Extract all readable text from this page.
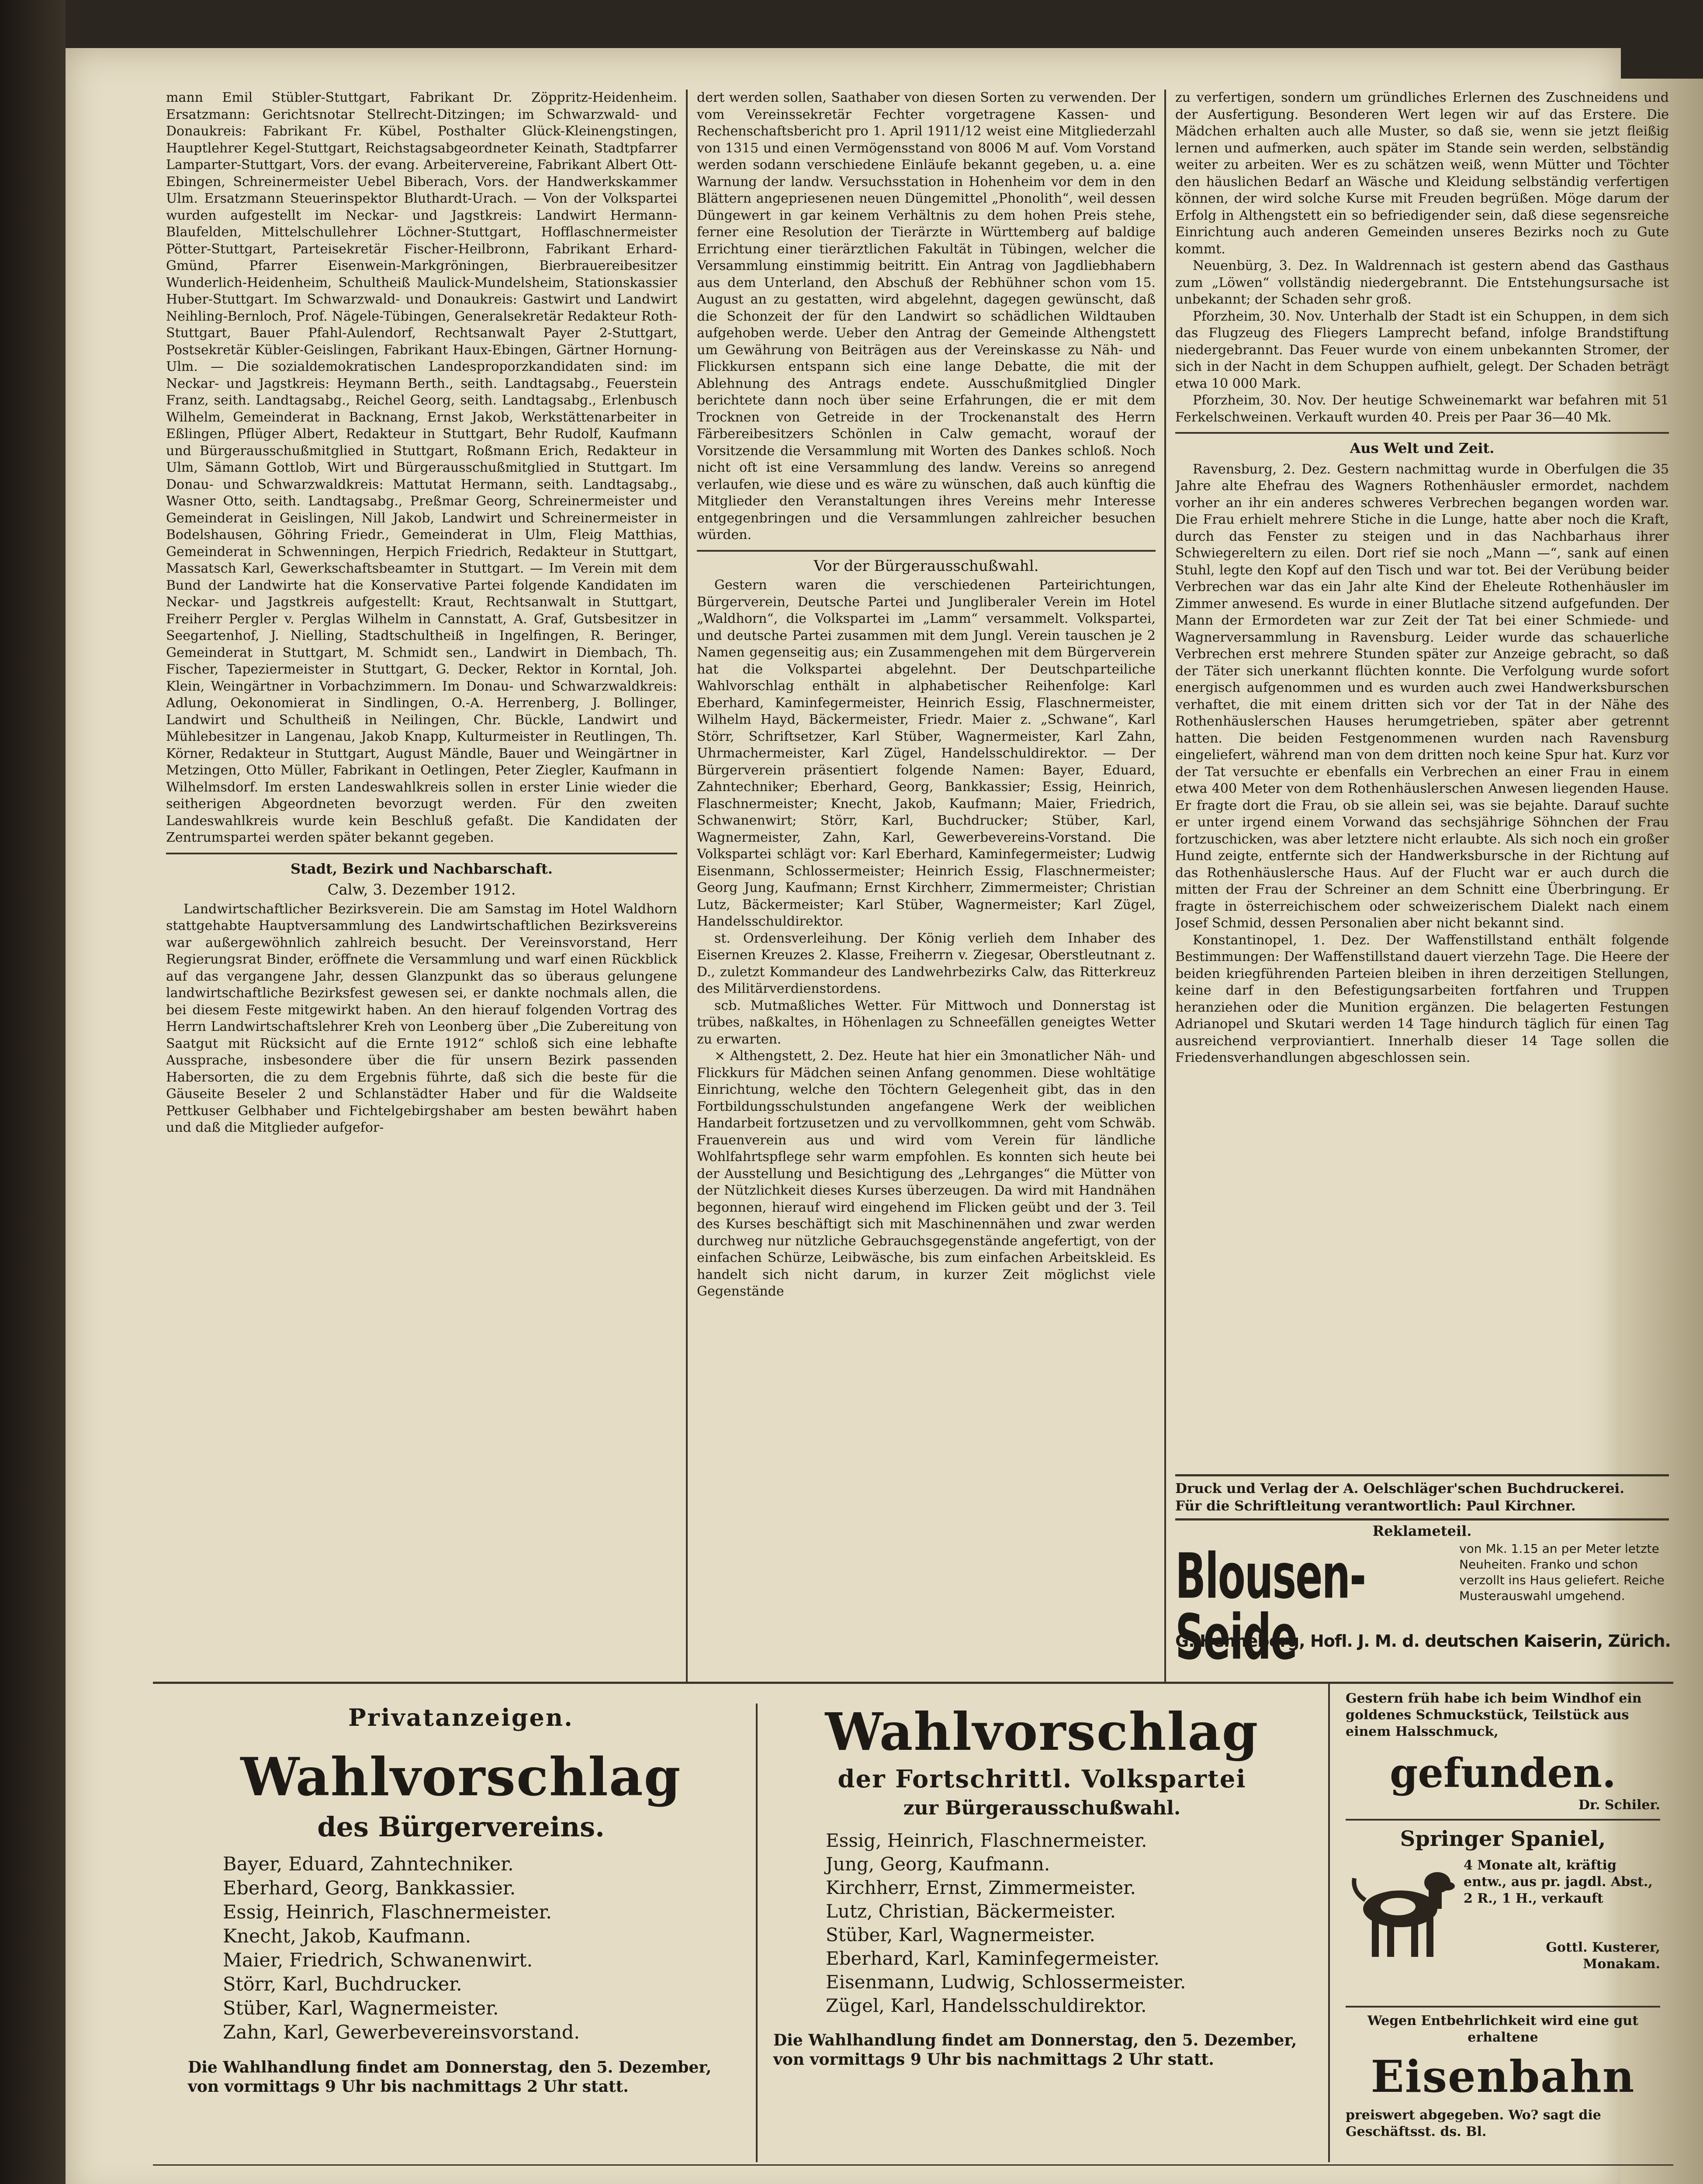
mann Emil Stübler-Stuttgart, Fabrikant Dr. Zöppritz-Heidenheim. Ersatzmann: Gerichtsnotar Stellrecht-Ditzingen; im Schwarzwald- und Donaukreis: Fabrikant Fr. Kübel, Posthalter Glück-Kleinengstingen, Hauptlehrer Kegel-Stuttgart, Reichstagsabgeordneter Keinath, Stadtpfarrer Lamparter-Stuttgart, Vors. der evang. Arbeitervereine, Fabrikant Albert Ott-Ebingen, Schreinermeister Uebel Biberach, Vors. der Handwerkskammer Ulm. Ersatzmann Steuerinspektor Bluthardt-Urach. — Von der Volkspartei wurden aufgestellt im Neckar- und Jagstkreis: Landwirt Hermann-Blaufelden, Mittelschullehrer Löchner-Stuttgart, Hofflaschnermeister Pötter-Stuttgart, Parteisekretär Fischer-Heilbronn, Fabrikant Erhard-Gmünd, Pfarrer Eisenwein-Markgröningen, Bierbrauereibesitzer Wunderlich-Heidenheim, Schultheiß Maulick-Mundelsheim, Stationskassier Huber-Stuttgart. Im Schwarzwald- und Donaukreis: Gastwirt und Landwirt Neihling-Bernloch, Prof. Nägele-Tübingen, Generalsekretär Redakteur Roth-Stuttgart, Bauer Pfahl-Aulendorf, Rechtsanwalt Payer 2-Stuttgart, Postsekretär Kübler-Geislingen, Fabrikant Haux-Ebingen, Gärtner Hornung-Ulm. — Die sozialdemokratischen Landesproporzkandidaten sind: im Neckar- und Jagstkreis: Heymann Berth., seith. Landtagsabg., Feuerstein Franz, seith. Landtagsabg., Reichel Georg, seith. Landtagsabg., Erlenbusch Wilhelm, Gemeinderat in Backnang, Ernst Jakob, Werkstättenarbeiter in Eßlingen, Pflüger Albert, Redakteur in Stuttgart, Behr Rudolf, Kaufmann und Bürgerausschußmitglied in Stuttgart, Roßmann Erich, Redakteur in Ulm, Sämann Gottlob, Wirt und Bürgerausschußmitglied in Stuttgart. Im Donau- und Schwarzwaldkreis: Mattutat Hermann, seith. Landtagsabg., Wasner Otto, seith. Landtagsabg., Preßmar Georg, Schreinermeister und Gemeinderat in Geislingen, Nill Jakob, Landwirt und Schreinermeister in Bodelshausen, Göhring Friedr., Gemeinderat in Ulm, Fleig Matthias, Gemeinderat in Schwenningen, Herpich Friedrich, Redakteur in Stuttgart, Massatsch Karl, Gewerkschaftsbeamter in Stuttgart. — Im Verein mit dem Bund der Landwirte hat die Konservative Partei folgende Kandidaten im Neckar- und Jagstkreis aufgestellt: Kraut, Rechtsanwalt in Stuttgart, Freiherr Pergler v. Perglas Wilhelm in Cannstatt, A. Graf, Gutsbesitzer in Seegartenhof, J. Nielling, Stadtschultheiß in Ingelfingen, R. Beringer, Gemeinderat in Stuttgart, M. Schmidt sen., Landwirt in Diembach, Th. Fischer, Tapeziermeister in Stuttgart, G. Decker, Rektor in Korntal, Joh. Klein, Weingärtner in Vorbachzimmern. Im Donau- und Schwarzwaldkreis: Adlung, Oekonomierat in Sindlingen, O.-A. Herrenberg, J. Bollinger, Landwirt und Schultheiß in Neilingen, Chr. Bückle, Landwirt und Mühlebesitzer in Langenau, Jakob Knapp, Kulturmeister in Reutlingen, Th. Körner, Redakteur in Stuttgart, August Mändle, Bauer und Weingärtner in Metzingen, Otto Müller, Fabrikant in Oetlingen, Peter Ziegler, Kaufmann in Wilhelmsdorf. Im ersten Landeswahlkreis sollen in erster Linie wieder die seitherigen Abgeordneten bevorzugt werden. Für den zweiten Landeswahlkreis wurde kein Beschluß gefaßt. Die Kandidaten der Zentrumspartei werden später bekannt gegeben.

Stadt, Bezirk und Nachbarschaft.
Calw, 3. Dezember 1912.

Landwirtschaftlicher Bezirksverein. Die am Samstag im Hotel Waldhorn stattgehabte Hauptversammlung des Landwirtschaftlichen Bezirksvereins war außergewöhnlich zahlreich besucht. Der Vereinsvorstand, Herr Regierungsrat Binder, eröffnete die Versammlung und warf einen Rückblick auf das vergangene Jahr, dessen Glanzpunkt das so überaus gelungene landwirtschaftliche Bezirksfest gewesen sei, er dankte nochmals allen, die bei diesem Feste mitgewirkt haben. An den hierauf folgenden Vortrag des Herrn Landwirtschaftslehrer Kreh von Leonberg über „Die Zubereitung von Saatgut mit Rücksicht auf die Ernte 1912“ schloß sich eine lebhafte Aussprache, insbesondere über die für unsern Bezirk passenden Habersorten, die zu dem Ergebnis führte, daß sich die beste für die Gäuseite Beseler 2 und Schlanstädter Haber und für die Waldseite Pettkuser Gelbhaber und Fichtelgebirgshaber am besten bewährt haben und daß die Mitglieder aufgefor-

dert werden sollen, Saathaber von diesen Sorten zu verwenden. Der vom Vereinssekretär Fechter vorgetragene Kassen- und Rechenschaftsbericht pro 1. April 1911/12 weist eine Mitgliederzahl von 1315 und einen Vermögensstand von 8006 M auf. Vom Vorstand werden sodann verschiedene Einläufe bekannt gegeben, u. a. eine Warnung der landw. Versuchsstation in Hohenheim vor dem in den Blättern angepriesenen neuen Düngemittel „Phonolith“, weil dessen Düngewert in gar keinem Verhältnis zu dem hohen Preis stehe, ferner eine Resolution der Tierärzte in Württemberg auf baldige Errichtung einer tierärztlichen Fakultät in Tübingen, welcher die Versammlung einstimmig beitritt. Ein Antrag von Jagdliebhabern aus dem Unterland, den Abschuß der Rebhühner schon vom 15. August an zu gestatten, wird abgelehnt, dagegen gewünscht, daß die Schonzeit der für den Landwirt so schädlichen Wildtauben aufgehoben werde. Ueber den Antrag der Gemeinde Althengstett um Gewährung von Beiträgen aus der Vereinskasse zu Näh- und Flickkursen entspann sich eine lange Debatte, die mit der Ablehnung des Antrags endete. Ausschußmitglied Dingler berichtete dann noch über seine Erfahrungen, die er mit dem Trocknen von Getreide in der Trockenanstalt des Herrn Färbereibesitzers Schönlen in Calw gemacht, worauf der Vorsitzende die Versammlung mit Worten des Dankes schloß. Noch nicht oft ist eine Versammlung des landw. Vereins so anregend verlaufen, wie diese und es wäre zu wünschen, daß auch künftig die Mitglieder den Veranstaltungen ihres Vereins mehr Interesse entgegenbringen und die Versammlungen zahlreicher besuchen würden.

Vor der Bürgerausschußwahl.

Gestern waren die verschiedenen Parteirichtungen, Bürgerverein, Deutsche Partei und Jungliberaler Verein im Hotel „Waldhorn“, die Volkspartei im „Lamm“ versammelt. Volkspartei, und deutsche Partei zusammen mit dem Jungl. Verein tauschen je 2 Namen gegenseitig aus; ein Zusammengehen mit dem Bürgerverein hat die Volkspartei abgelehnt. Der Deutschparteiliche Wahlvorschlag enthält in alphabetischer Reihenfolge: Karl Eberhard, Kaminfegermeister, Heinrich Essig, Flaschnermeister, Wilhelm Hayd, Bäckermeister, Friedr. Maier z. „Schwane“, Karl Störr, Schriftsetzer, Karl Stüber, Wagnermeister, Karl Zahn, Uhrmachermeister, Karl Zügel, Handelsschuldirektor. — Der Bürgerverein präsentiert folgende Namen: Bayer, Eduard, Zahntechniker; Eberhard, Georg, Bankkassier; Essig, Heinrich, Flaschnermeister; Knecht, Jakob, Kaufmann; Maier, Friedrich, Schwanenwirt; Störr, Karl, Buchdrucker; Stüber, Karl, Wagnermeister, Zahn, Karl, Gewerbevereins-Vorstand. Die Volkspartei schlägt vor: Karl Eberhard, Kaminfegermeister; Ludwig Eisenmann, Schlossermeister; Heinrich Essig, Flaschnermeister; Georg Jung, Kaufmann; Ernst Kirchherr, Zimmermeister; Christian Lutz, Bäckermeister; Karl Stüber, Wagnermeister; Karl Zügel, Handelsschuldirektor.

st. Ordensverleihung. Der König verlieh dem Inhaber des Eisernen Kreuzes 2. Klasse, Freiherrn v. Ziegesar, Oberstleutnant z. D., zuletzt Kommandeur des Landwehrbezirks Calw, das Ritterkreuz des Militärverdienstordens.

scb. Mutmaßliches Wetter. Für Mittwoch und Donnerstag ist trübes, naßkaltes, in Höhenlagen zu Schneefällen geneigtes Wetter zu erwarten.

× Althengstett, 2. Dez. Heute hat hier ein 3monatlicher Näh- und Flickkurs für Mädchen seinen Anfang genommen. Diese wohltätige Einrichtung, welche den Töchtern Gelegenheit gibt, das in den Fortbildungsschulstunden angefangene Werk der weiblichen Handarbeit fortzusetzen und zu vervollkommnen, geht vom Schwäb. Frauenverein aus und wird vom Verein für ländliche Wohlfahrtspflege sehr warm empfohlen. Es konnten sich heute bei der Ausstellung und Besichtigung des „Lehrganges“ die Mütter von der Nützlichkeit dieses Kurses überzeugen. Da wird mit Handnähen begonnen, hierauf wird eingehend im Flicken geübt und der 3. Teil des Kurses beschäftigt sich mit Maschinennähen und zwar werden durchweg nur nützliche Gebrauchsgegenstände angefertigt, von der einfachen Schürze, Leibwäsche, bis zum einfachen Arbeitskleid. Es handelt sich nicht darum, in kurzer Zeit möglichst viele Gegenstände

zu verfertigen, sondern um gründliches Erlernen des Zuschneidens und der Ausfertigung. Besonderen Wert legen wir auf das Erstere. Die Mädchen erhalten auch alle Muster, so daß sie, wenn sie jetzt fleißig lernen und aufmerken, auch später im Stande sein werden, selbständig weiter zu arbeiten. Wer es zu schätzen weiß, wenn Mütter und Töchter den häuslichen Bedarf an Wäsche und Kleidung selbständig verfertigen können, der wird solche Kurse mit Freuden begrüßen. Möge darum der Erfolg in Althengstett ein so befriedigender sein, daß diese segensreiche Einrichtung auch anderen Gemeinden unseres Bezirks noch zu Gute kommt.

Neuenbürg, 3. Dez. In Waldrennach ist gestern abend das Gasthaus zum „Löwen“ vollständig niedergebrannt. Die Entstehungsursache ist unbekannt; der Schaden sehr groß.

Pforzheim, 30. Nov. Unterhalb der Stadt ist ein Schuppen, in dem sich das Flugzeug des Fliegers Lamprecht befand, infolge Brandstiftung niedergebrannt. Das Feuer wurde von einem unbekannten Stromer, der sich in der Nacht in dem Schuppen aufhielt, gelegt. Der Schaden beträgt etwa 10 000 Mark.

Pforzheim, 30. Nov. Der heutige Schweinemarkt war befahren mit 51 Ferkelschweinen. Verkauft wurden 40. Preis per Paar 36—40 Mk.

Aus Welt und Zeit.

Ravensburg, 2. Dez. Gestern nachmittag wurde in Oberfulgen die 35 Jahre alte Ehefrau des Wagners Rothenhäusler ermordet, nachdem vorher an ihr ein anderes schweres Verbrechen begangen worden war. Die Frau erhielt mehrere Stiche in die Lunge, hatte aber noch die Kraft, durch das Fenster zu steigen und in das Nachbarhaus ihrer Schwiegereltern zu eilen. Dort rief sie noch „Mann —“, sank auf einen Stuhl, legte den Kopf auf den Tisch und war tot. Bei der Verübung beider Verbrechen war das ein Jahr alte Kind der Eheleute Rothenhäusler im Zimmer anwesend. Es wurde in einer Blutlache sitzend aufgefunden. Der Mann der Ermordeten war zur Zeit der Tat bei einer Schmiede- und Wagnerversammlung in Ravensburg. Leider wurde das schauerliche Verbrechen erst mehrere Stunden später zur Anzeige gebracht, so daß der Täter sich unerkannt flüchten konnte. Die Verfolgung wurde sofort energisch aufgenommen und es wurden auch zwei Handwerksburschen verhaftet, die mit einem dritten sich vor der Tat in der Nähe des Rothenhäuslerschen Hauses herumgetrieben, später aber getrennt hatten. Die beiden Festgenommenen wurden nach Ravensburg eingeliefert, während man von dem dritten noch keine Spur hat. Kurz vor der Tat versuchte er ebenfalls ein Verbrechen an einer Frau in einem etwa 400 Meter von dem Rothenhäuslerschen Anwesen liegenden Hause. Er fragte dort die Frau, ob sie allein sei, was sie bejahte. Darauf suchte er unter irgend einem Vorwand das sechsjährige Söhnchen der Frau fortzuschicken, was aber letztere nicht erlaubte. Als sich noch ein großer Hund zeigte, entfernte sich der Handwerksbursche in der Richtung auf das Rothenhäuslersche Haus. Auf der Flucht war er auch durch die mitten der Frau der Schreiner an dem Schnitt eine Überbringung. Er fragte in österreichischem oder schweizerischem Dialekt nach einem Josef Schmid, dessen Personalien aber nicht bekannt sind.

Konstantinopel, 1. Dez. Der Waffenstillstand enthält folgende Bestimmungen: Der Waffenstillstand dauert vierzehn Tage. Die Heere der beiden kriegführenden Parteien bleiben in ihren derzeitigen Stellungen, keine darf in den Befestigungsarbeiten fortfahren und Truppen heranziehen oder die Munition ergänzen. Die belagerten Festungen Adrianopel und Skutari werden 14 Tage hindurch täglich für einen Tag ausreichend verproviantiert. Innerhalb dieser 14 Tage sollen die Friedensverhandlungen abgeschlossen sein.

Druck und Verlag der A. Oelschläger'schen Buchdruckerei.
Für die Schriftleitung verantwortlich: Paul Kirchner.
Reklameteil.
Blousen-Seide
von Mk. 1.15 an per Meter letzte
Neuheiten. Franko und schon
verzollt ins Haus geliefert. Reiche
Musterauswahl umgehend.
G. Henneberg, Hofl. J. M. d. deutschen Kaiserin, Zürich.
Privatanzeigen.
Wahlvorschlag
des Bürgervereins.
Bayer, Eduard, Zahntechniker.
Eberhard, Georg, Bankkassier.
Essig, Heinrich, Flaschnermeister.
Knecht, Jakob, Kaufmann.
Maier, Friedrich, Schwanenwirt.
Störr, Karl, Buchdrucker.
Stüber, Karl, Wagnermeister.
Zahn, Karl, Gewerbevereinsvorstand.
Die Wahlhandlung findet am Donnerstag, den 5. Dezember, von vormittags 9 Uhr bis nachmittags 2 Uhr statt.
Wahlvorschlag
der Fortschrittl. Volkspartei
zur Bürgerausschußwahl.
Essig, Heinrich, Flaschnermeister.
Jung, Georg, Kaufmann.
Kirchherr, Ernst, Zimmermeister.
Lutz, Christian, Bäckermeister.
Stüber, Karl, Wagnermeister.
Eberhard, Karl, Kaminfegermeister.
Eisenmann, Ludwig, Schlossermeister.
Zügel, Karl, Handelsschuldirektor.
Die Wahlhandlung findet am Donnerstag, den 5. Dezember, von vormittags 9 Uhr bis nachmittags 2 Uhr statt.
Gestern früh habe ich beim Windhof ein goldenes Schmuckstück, Teilstück aus einem Halsschmuck,
gefunden.
Dr. Schiler.
Springer Spaniel,
4 Monate alt, kräftig entw., aus pr. jagdl. Abst., 2 R., 1 H., verkauft
Gottl. Kusterer,
Monakam.
Wegen Entbehrlichkeit wird eine gut erhaltene
Eisenbahn
preiswert abgegeben. Wo? sagt die Geschäftsst. ds. Bl.
